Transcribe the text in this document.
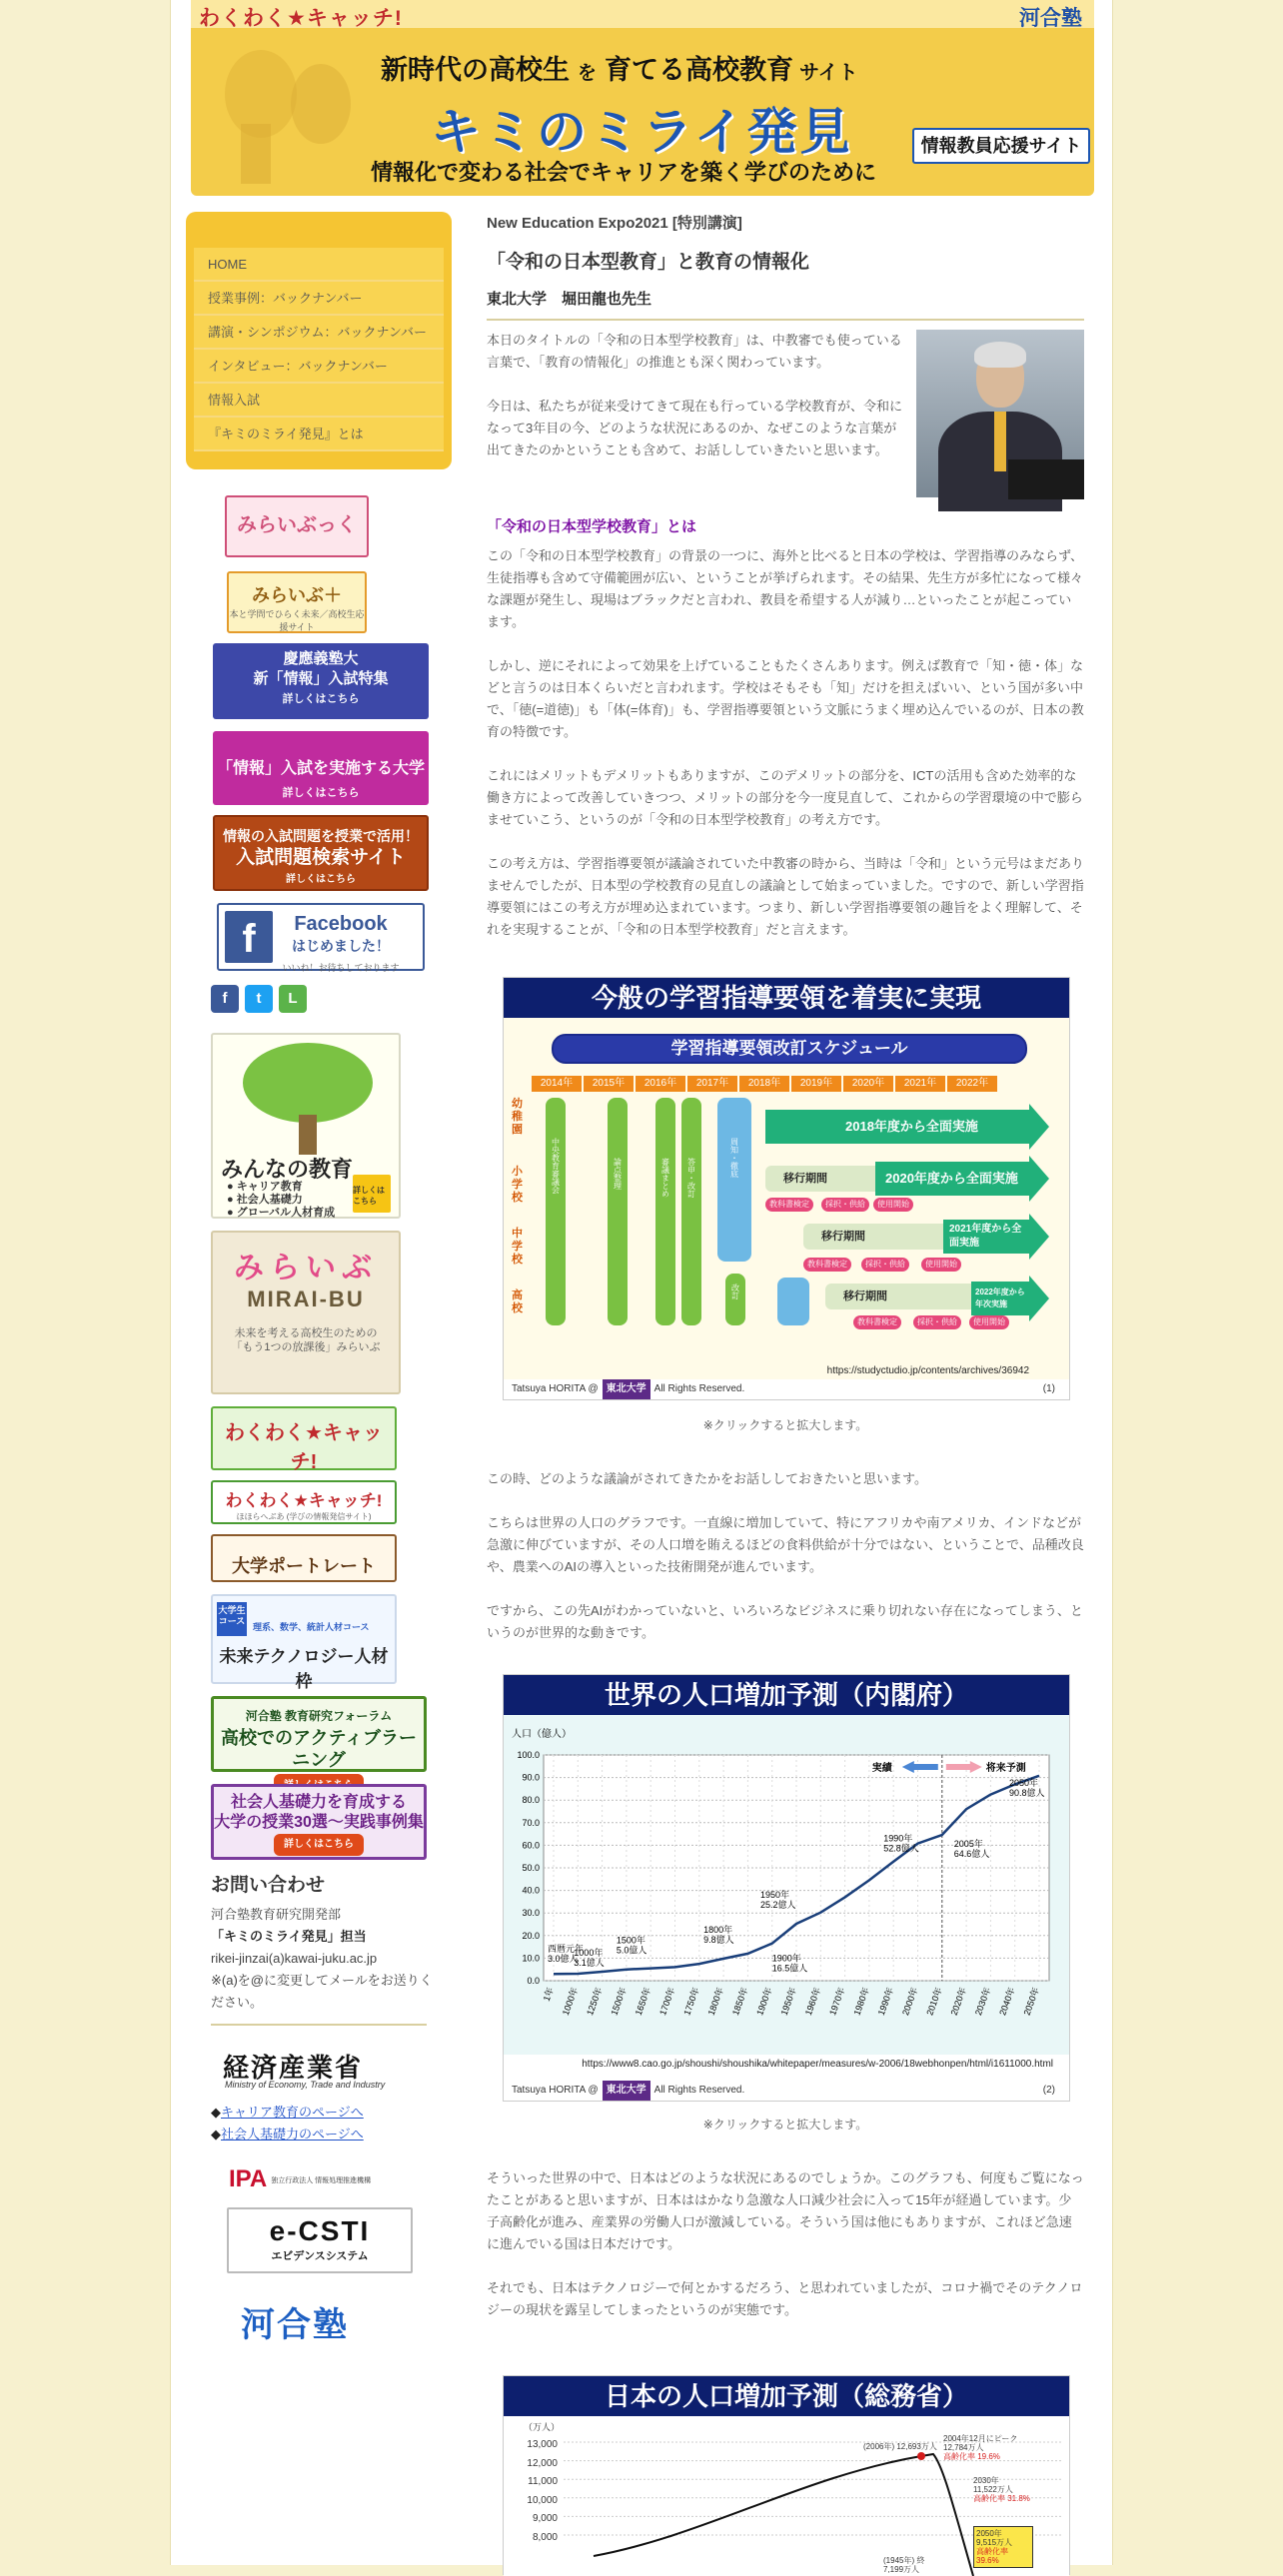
わくわく★キャッチ!	河合塾
新時代の高校生 を 育てる高校教育 サイト
キミのミライ発見
情報化で変わる社会でキャリアを築く学びのために
情報教員応援サイト
HOME
授業事例：バックナンバー
講演・シンポジウム：バックナンバー
インタビュー：バックナンバー
情報入試
『キミのミライ発見』とは
みらいぶっく
みらいぶ＋
本と学問でひらく未来／高校生応援サイト
慶應義塾大
新「情報」入試特集
詳しくはこちら
「情報」入試を実施する大学
詳しくはこちら
情報の入試問題を授業で活用！
入試問題検索サイト
詳しくはこちら
f	Facebook
はじめました！
いいね！お待ちしております
f	t	L
みんなの教育
● キャリア教育
● 社会人基礎力
● グローバル人材育成
詳しくはこちら
みらいぶ
MIRAI-BU

未来を考える高校生のための
「もう1つの放課後」みらいぶ

わくわく★キャッチ!
わくわく★キャッチ!
ほほらへぶあ (学びの情報発信サイト)
大学ポートレート
大学生コース
理系、数学、統計人材コース
未来テクノロジー人材枠
河合塾 教育研究フォーラム
高校でのアクティブラーニング
社会人基礎力を育成する
大学の授業30選〜実践事例集
詳しくはこちら
お問い合わせ
河合塾教育研究開発部
「キミのミライ発見」担当
rikei-jinzai(a)kawai-juku.ac.jp
※(a)を@に変更してメールをお送りください。
経済産業省
Ministry of Economy, Trade and Industry
◆キャリア教育のページへ
◆社会人基礎力のページへ
IPA 独立行政法人 情報処理推進機構
e-CSTI
エビデンスシステム
河合塾
New Education Expo2021 [特別講演]
「令和の日本型教育」と教育の情報化
東北大学　堀田龍也先生

本日のタイトルの「令和の日本型学校教育」は、中教審でも使っている言葉で、「教育の情報化」の推進とも深く関わっています。

今日は、私たちが従来受けてきて現在も行っている学校教育が、令和になって3年目の今、どのような状況にあるのか、なぜこのような言葉が出てきたのかということも含めて、お話ししていきたいと思います。

「令和の日本型学校教育」とは

この「令和の日本型学校教育」の背景の一つに、海外と比べると日本の学校は、学習指導のみならず、生徒指導も含めて守備範囲が広い、ということが挙げられます。その結果、先生方が多忙になって様々な課題が発生し、現場はブラックだと言われ、教員を希望する人が減り…といったことが起こっています。

しかし、逆にそれによって効果を上げていることもたくさんあります。例えば教育で「知・徳・体」などと言うのは日本くらいだと言われます。学校はそもそも「知」だけを担えばいい、という国が多い中で、「徳(=道徳)」も「体(=体育)」も、学習指導要領という文脈にうまく埋め込んでいるのが、日本の教育の特徴です。

これにはメリットもデメリットもありますが、このデメリットの部分を、ICTの活用も含めた効率的な働き方によって改善していきつつ、メリットの部分を今一度見直して、これからの学習環境の中で膨らませていこう、というのが「令和の日本型学校教育」の考え方です。

この考え方は、学習指導要領が議論されていた中教審の時から、当時は「令和」という元号はまだありませんでしたが、日本型の学校教育の見直しの議論として始まっていました。ですので、新しい学習指導要領にはこの考え方が埋め込まれています。つまり、新しい学習指導要領の趣旨をよく理解して、それを実現することが、「令和の日本型学校教育」だと言えます。

今般の学習指導要領を着実に実現
学習指導要領改訂スケジュール
2014年	2015年	2016年	2017年	2018年	2019年	2020年	2021年	2022年
幼稚園
小学校
中学校
高校
中央教育審議会	論点整理	審議まとめ 答申・改訂	周知・徹底
改訂
2018年度から全面実施
移行期間	2020年度から全面実施
教科書検定	採択・供給	使用開始
移行期間
2021年度から全面実施
教科書検定	採択・供給	使用開始
移行期間	2022年度から年次実施
教科書検定	採択・供給	使用開始
https://studyctudio.jp/contents/archives/36942
Tatsuya HORITA @ 東北大学 All Rights Reserved.	(1)
※クリックすると拡大します。

この時、どのような議論がされてきたかをお話ししておきたいと思います。

こちらは世界の人口のグラフです。一直線に増加していて、特にアフリカや南アメリカ、インドなどが急激に伸びていますが、その人口増を賄えるほどの食料供給が十分ではない、ということで、品種改良や、農業へのAIの導入といった技術開発が進んでいます。

ですから、この先AIがわかっていないと、いろいろなビジネスに乗り切れない存在になってしまう、というのが世界的な動きです。

世界の人口増加予測（内閣府）
人口（億人）
0.0
10.0
20.0
30.0
40.0
50.0
60.0
70.0
80.0
90.0
100.0
1年 1000年 1250年 1500年 1650年 1700年 1750年 1800年 1850年 1900年 1950年 1960年 1970年 1980年 1990年 2000年 2010年 2020年 2030年 2040年 2050年
実績	将来予測
西暦元年 3.0億人
1000年 3.1億人
1500年 5.0億人
1800年 9.8億人
1900年 16.5億人
1950年 25.2億人
1990年 52.8億人	2005年 64.6億人
2050年 90.8億人
https://www8.cao.go.jp/shoushi/shoushika/whitepaper/measures/w-2006/18webhonpen/html/i1611000.html
Tatsuya HORITA @ 東北大学 All Rights Reserved.	(2)
※クリックすると拡大します。

そういった世界の中で、日本はどのような状況にあるのでしょうか。このグラフも、何度もご覧になったことがあると思いますが、日本ははかなり急激な人口減少社会に入って15年が経過しています。少子高齢化が進み、産業界の労働人口が激減している。そういう国は他にもありますが、これほど急速に進んでいる国は日本だけです。

それでも、日本はテクノロジーで何とかするだろう、と思われていましたが、コロナ禍でそのテクノロジーの現状を露呈してしまったというのが実態です。

日本の人口増加予測（総務省）
（万人）
13,000
12,000
11,000
10,000
9,000
8,000
(2006年) 12,693万人
2004年12月にピーク
12,784万人
高齢化率 19.6%
2030年
11,522万人
高齢化率 31.8%
2050年
9,515万人
高齢化率 39.6%
(1945年) 終
7,199万人
